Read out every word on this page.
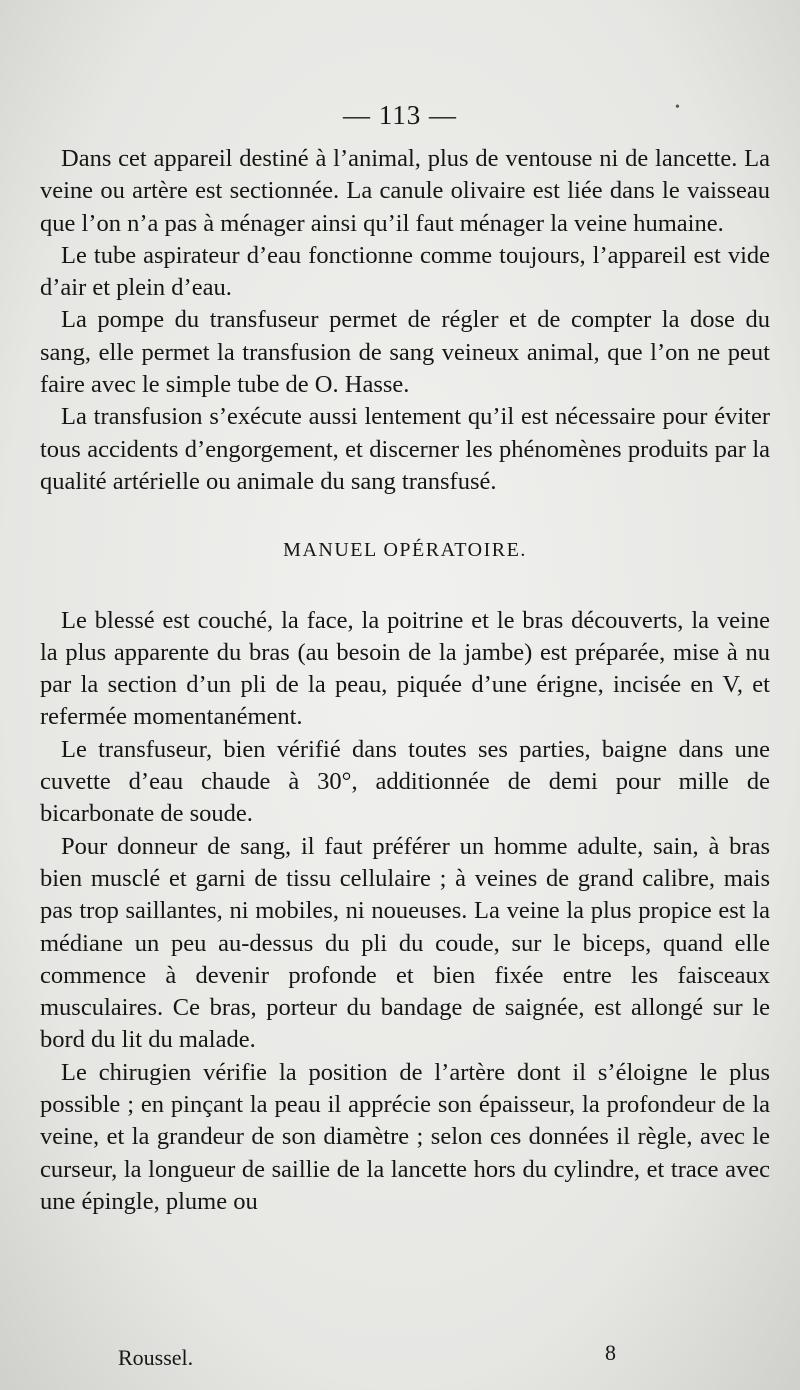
— 113 —	•

Dans cet appareil destiné à l’animal, plus de ventouse ni de lancette. La veine ou artère est sectionnée. La canule olivaire est liée dans le vaisseau que l’on n’a pas à ménager ainsi qu’il faut ménager la veine humaine.

Le tube aspirateur d’eau fonctionne comme toujours, l’appareil est vide d’air et plein d’eau.

La pompe du transfuseur permet de régler et de compter la dose du sang, elle permet la transfusion de sang veineux animal, que l’on ne peut faire avec le simple tube de O. Hasse.

La transfusion s’exécute aussi lentement qu’il est nécessaire pour éviter tous accidents d’engorgement, et discerner les phénomènes produits par la qualité artérielle ou animale du sang transfusé.

MANUEL OPÉRATOIRE.

Le blessé est couché, la face, la poitrine et le bras découverts, la veine la plus apparente du bras (au besoin de la jambe) est préparée, mise à nu par la section d’un pli de la peau, piquée d’une érigne, incisée en V, et refermée momentanément.

Le transfuseur, bien vérifié dans toutes ses parties, baigne dans une cuvette d’eau chaude à 30°, additionnée de demi pour mille de bicarbonate de soude.

Pour donneur de sang, il faut préférer un homme adulte, sain, à bras bien musclé et garni de tissu cellulaire ; à veines de grand calibre, mais pas trop saillantes, ni mobiles, ni noueuses. La veine la plus propice est la médiane un peu au-dessus du pli du coude, sur le biceps, quand elle commence à devenir profonde et bien fixée entre les faisceaux musculaires. Ce bras, porteur du bandage de saignée, est allongé sur le bord du lit du malade.

Le chirugien vérifie la position de l’artère dont il s’éloigne le plus possible ; en pinçant la peau il apprécie son épaisseur, la profondeur de la veine, et la grandeur de son diamètre ; selon ces données il règle, avec le curseur, la longueur de saillie de la lancette hors du cylindre, et trace avec une épingle, plume ou

Roussel.	8
